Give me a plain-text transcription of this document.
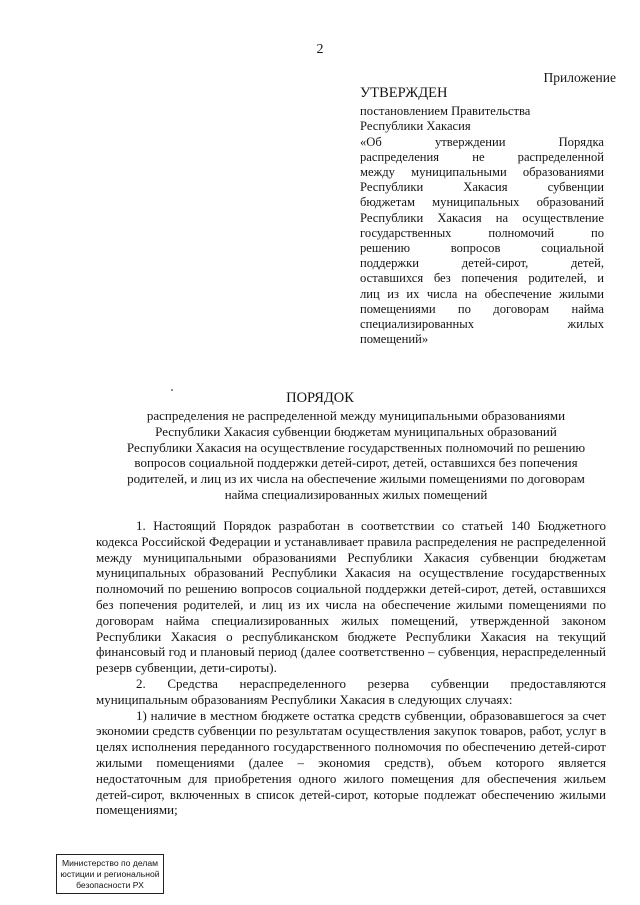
2
Приложение
УТВЕРЖДЕН
постановлением Правительства
Республики Хакасия
«Об утверждении Порядка
распределения не распределенной
между муниципальными образованиями
Республики Хакасия субвенции
бюджетам муниципальных образований
Республики Хакасия на осуществление
государственных полномочий по
решению вопросов социальной
поддержки детей-сирот, детей,
оставшихся без попечения родителей, и
лиц из их числа на обеспечение жилыми
помещениями по договорам найма
специализированных жилых
помещений»
ПОРЯДОК
распределения не распределенной между муниципальными образованиями
Республики Хакасия субвенции бюджетам муниципальных образований
Республики Хакасия на осуществление государственных полномочий по решению
вопросов социальной поддержки детей-сирот, детей, оставшихся без попечения
родителей, и лиц из их числа на обеспечение жилыми помещениями по договорам
найма специализированных жилых помещений

1. Настоящий Порядок разработан в соответствии со статьей 140 Бюджетного кодекса Российской Федерации и устанавливает правила распределения не распределенной между муниципальными образованиями Республики Хакасия субвенции бюджетам муниципальных образований Республики Хакасия на осуществление государственных полномочий по решению вопросов социальной поддержки детей-сирот, детей, оставшихся без попечения родителей, и лиц из их числа на обеспечение жилыми помещениями по договорам найма специализированных жилых помещений, утвержденной законом Республики Хакасия о республиканском бюджете Республики Хакасия на текущий финансовый год и плановый период (далее соответственно – субвенция, нераспределенный резерв субвенции, дети-сироты).

2. Средства нераспределенного резерва субвенции предоставляются муниципальным образованиям Республики Хакасия в следующих случаях:

1) наличие в местном бюджете остатка средств субвенции, образовавшегося за счет экономии средств субвенции по результатам осуществления закупок товаров, работ, услуг в целях исполнения переданного государственного полномочия по обеспечению детей-сирот жилыми помещениями (далее – экономия средств), объем которого является недостаточным для приобретения одного жилого помещения для обеспечения жильем детей-сирот, включенных в список детей-сирот, которые подлежат обеспечению жилыми помещениями;

Министерство по делам
юстиции и региональной
безопасности РХ
